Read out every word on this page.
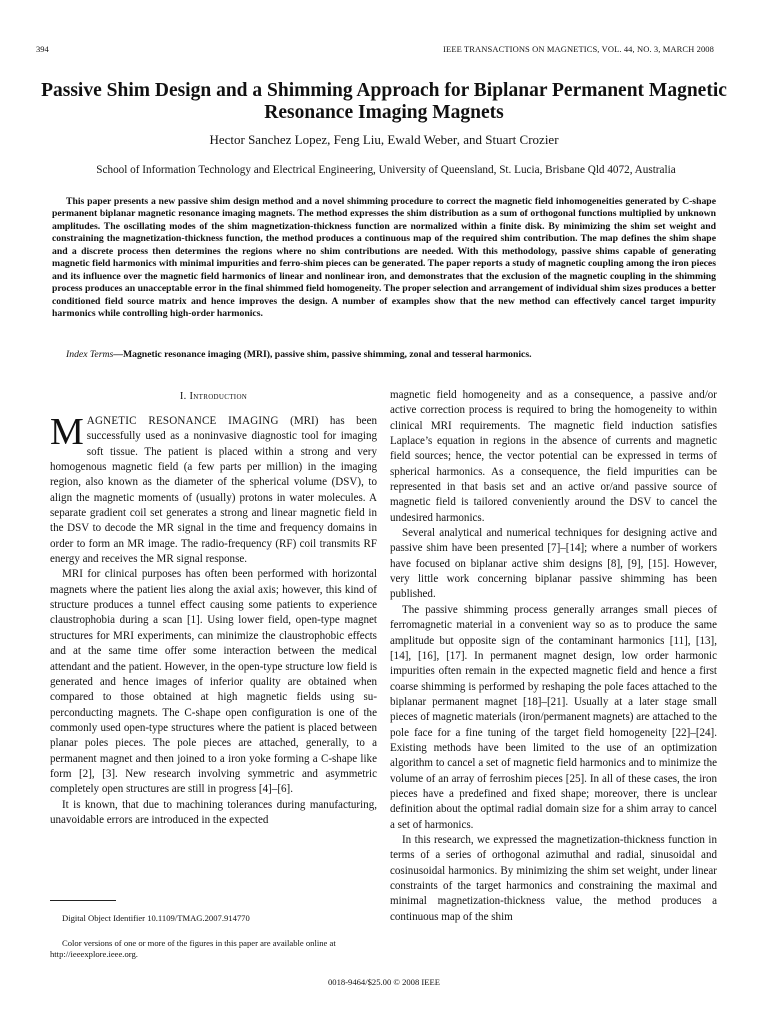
394	IEEE TRANSACTIONS ON MAGNETICS, VOL. 44, NO. 3, MARCH 2008
Passive Shim Design and a Shimming Approach for Biplanar Permanent Magnetic Resonance Imaging Magnets
Hector Sanchez Lopez, Feng Liu, Ewald Weber, and Stuart Crozier
School of Information Technology and Electrical Engineering, University of Queensland, St. Lucia, Brisbane Qld 4072, Australia
This paper presents a new passive shim design method and a novel shimming procedure to correct the magnetic field inhomogeneities generated by C-shape permanent biplanar magnetic resonance imaging magnets. The method expresses the shim distribution as a sum of orthogonal functions multiplied by unknown amplitudes. The oscillating modes of the shim magnetization-thickness function are normalized within a finite disk. By minimizing the shim set weight and constraining the magnetization-thickness function, the method produces a continuous map of the required shim contribution. The map defines the shim shape and a discrete process then determines the regions where no shim contributions are needed. With this methodology, passive shims capable of generating magnetic field harmonics with minimal impurities and ferro-shim pieces can be generated. The paper reports a study of magnetic coupling among the iron pieces and its influence over the magnetic field harmonics of linear and nonlinear iron, and demonstrates that the exclusion of the magnetic coupling in the shimming process produces an unacceptable error in the final shimmed field homogeneity. The proper selection and arrangement of individual shim sizes produces a better conditioned field source matrix and hence improves the design. A number of examples show that the new method can effectively cancel target impurity harmonics while controlling high-order harmonics.
Index Terms—Magnetic resonance imaging (MRI), passive shim, passive shimming, zonal and tesseral harmonics.
I. Introduction

MAGNETIC RESONANCE IMAGING (MRI) has been successfully used as a noninvasive diagnostic tool for imaging soft tissue. The patient is placed within a strong and very homogenous magnetic field (a few parts per million) in the imaging region, also known as the diameter of the spherical volume (DSV), to align the magnetic moments of (usually) protons in water molecules. A separate gradient coil set generates a strong and linear magnetic field in the DSV to decode the MR signal in the time and frequency domains in order to form an MR image. The radio-frequency (RF) coil transmits RF energy and receives the MR signal response.

MRI for clinical purposes has often been performed with horizontal magnets where the patient lies along the axial axis; however, this kind of structure produces a tunnel effect causing some patients to experience claustrophobia during a scan [1]. Using lower field, open-type magnet structures for MRI experiments, can minimize the claustrophobic effects and at the same time offer some interaction between the medical attendant and the patient. However, in the open-type structure low field is generated and hence images of inferior quality are obtained when compared to those obtained at high magnetic fields using superconducting magnets. The C-shape open configuration is one of the commonly used open-type structures where the patient is placed between planar poles pieces. The pole pieces are attached, generally, to a permanent magnet and then joined to a iron yoke forming a C-shape like form [2], [3]. New research involving symmetric and asymmetric completely open structures are still in progress [4]–[6].

It is known, that due to machining tolerances during manufacturing, unavoidable errors are introduced in the expected

magnetic field homogeneity and as a consequence, a passive and/or active correction process is required to bring the homogeneity to within clinical MRI requirements. The magnetic field induction satisfies Laplace’s equation in regions in the absence of currents and magnetic field sources; hence, the vector potential can be expressed in terms of spherical harmonics. As a consequence, the field impurities can be represented in that basis set and an active or/and passive source of magnetic field is tailored conveniently around the DSV to cancel the undesired harmonics.

Several analytical and numerical techniques for designing active and passive shim have been presented [7]–[14]; where a number of workers have focused on biplanar active shim designs [8], [9], [15]. However, very little work concerning biplanar passive shimming has been published.

The passive shimming process generally arranges small pieces of ferromagnetic material in a convenient way so as to produce the same amplitude but opposite sign of the contaminant harmonics [11], [13], [14], [16], [17]. In permanent magnet design, low order harmonic impurities often remain in the expected magnetic field and hence a first coarse shimming is performed by reshaping the pole faces attached to the biplanar permanent magnet [18]–[21]. Usually at a later stage small pieces of magnetic materials (iron/permanent magnets) are attached to the pole face for a fine tuning of the target field homogeneity [22]–[24]. Existing methods have been limited to the use of an optimization algorithm to cancel a set of magnetic field harmonics and to minimize the volume of an array of ferroshim pieces [25]. In all of these cases, the iron pieces have a predefined and fixed shape; moreover, there is unclear definition about the optimal radial domain size for a shim array to cancel a set of harmonics.

In this research, we expressed the magnetization-thickness function in terms of a series of orthogonal azimuthal and radial, sinusoidal and cosinusoidal harmonics. By minimizing the shim set weight, under linear constraints of the target harmonics and constraining the maximal and minimal magnetization-thickness value, the method produces a continuous map of the shim

Digital Object Identifier 10.1109/TMAG.2007.914770
Color versions of one or more of the figures in this paper are available online at http://ieeexplore.ieee.org.
0018-9464/$25.00 © 2008 IEEE
